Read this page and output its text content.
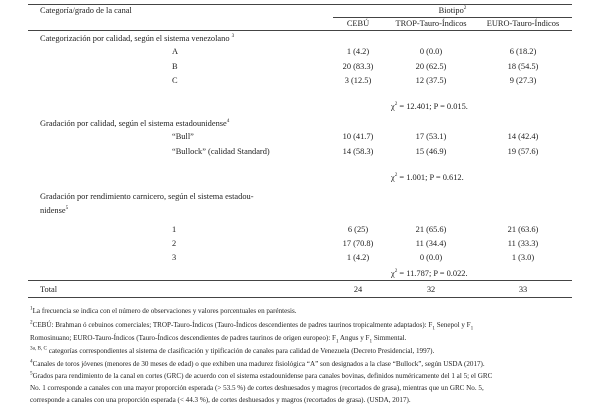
Categoría/grado de la canal	Biotipo$^2$
CEBÚ	TROP-Tauro-Índicos	EURO-Tauro-Índicos
Categorización por calidad, según el sistema venezolano $^3$
A	1 (4.2)	0 (0.0)	6 (18.2)
B	20 (83.3)	20 (62.5)	18 (54.5)
C	3 (12.5)	12 (37.5)	9 (27.3)
$\chi^2 = 12.401$; P = 0.015.
Gradación por calidad, según el sistema estadounidense$^4$
“Bull”	10 (41.7)	17 (53.1)	14 (42.4)
“Bullock” (calidad Standard)	14 (58.3)	15 (46.9)	19 (57.6)
$\chi^2 = 1.001$; P = 0.612.
Gradación por rendimiento carnicero, según el sistema estadou-
nidense$^5$
1	6 (25)	21 (65.6)	21 (63.6)
2	17 (70.8)	11 (34.4)	11 (33.3)
3	1 (4.2)	0 (0.0)	1 (3.0)
$\chi^2 = 11.787$; P = 0.022.
Total	24	32	33
$^1$La frecuencia se indica con el número de observaciones y valores porcentuales en paréntesis.
$^2$CEBÚ: Brahman ó cebuinos comerciales; TROP-Tauro-Índicos (Tauro-Índicos descendientes de padres taurinos tropicalmente adaptados): $F_1$ Senepol y $F_1$
Romosinuano; EURO-Tauro-Índicos (Tauro-Índicos descendientes de padres taurinos de origen europeo): $F_1$ Angus y $F_1$ Simmental.
$^{3a, B, C}$ categorías correspondientes al sistema de clasificación y tipificación de canales para calidad de Venezuela (Decreto Presidencial, 1997).
$^4$Canales de toros jóvenes (menores de 30 meses de edad) o que exhiben una madurez fisiológica “A” son designados a la clase “Bullock”, según USDA (2017).
$^5$Grados para rendimiento de la canal en cortes (GRC) de acuerdo con el sistema estadounidense para canales bovinas, definidos numéricamente del 1 al 5; el GRC
No. 1 corresponde a canales con una mayor proporción esperada (> 53.5 %) de cortes deshuesados y magros (recortados de grasa), mientras que un GRC No. 5,
corresponde a canales con una proporción esperada (< 44.3 %), de cortes deshuesados y magros (recortados de grasa). (USDA, 2017).
